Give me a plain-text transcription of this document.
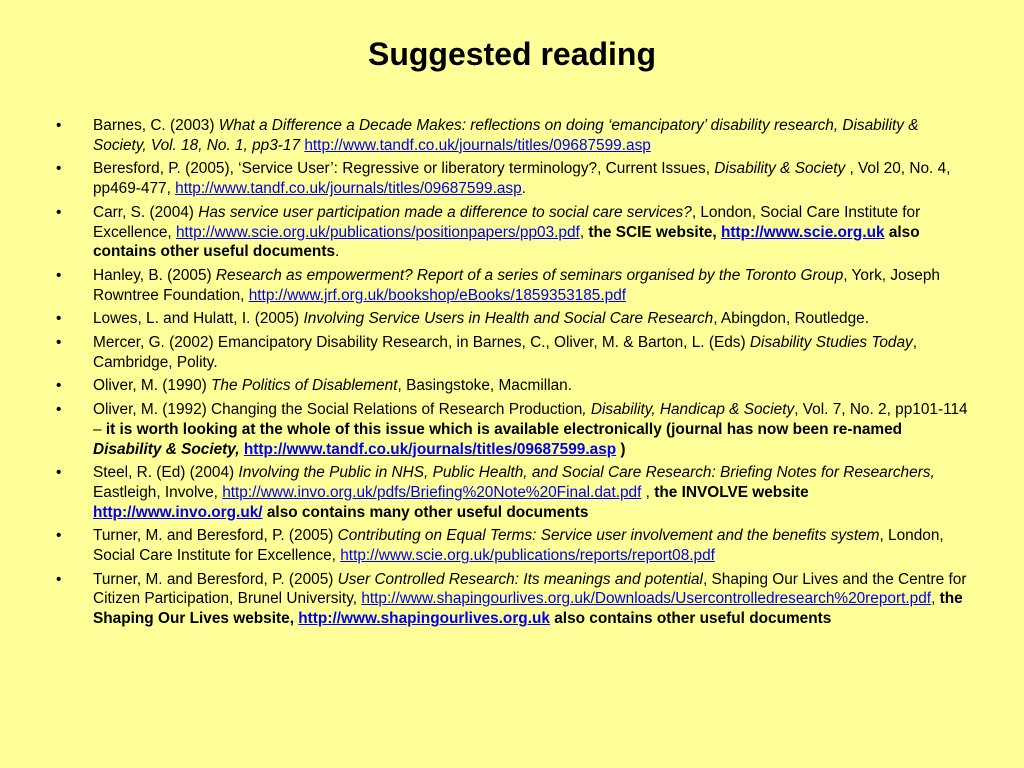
Suggested reading
• Barnes, C. (2003) What a Difference a Decade Makes: reflections on doing ‘emancipatory’ disability research, Disability & Society, Vol. 18, No. 1, pp3-17 http://www.tandf.co.uk/journals/titles/09687599.asp
• Beresford, P. (2005), ‘Service User’: Regressive or liberatory terminology?, Current Issues, Disability & Society , Vol 20, No. 4, pp469-477, http://www.tandf.co.uk/journals/titles/09687599.asp.
• Carr, S. (2004) Has service user participation made a difference to social care services?, London, Social Care Institute for Excellence, http://www.scie.org.uk/publications/positionpapers/pp03.pdf, the SCIE website, http://www.scie.org.uk also contains other useful documents.
• Hanley, B. (2005) Research as empowerment? Report of a series of seminars organised by the Toronto Group, York, Joseph Rowntree Foundation, http://www.jrf.org.uk/bookshop/eBooks/1859353185.pdf
• Lowes, L. and Hulatt, I. (2005) Involving Service Users in Health and Social Care Research, Abingdon, Routledge.
• Mercer, G. (2002) Emancipatory Disability Research, in Barnes, C., Oliver, M. & Barton, L. (Eds) Disability Studies Today, Cambridge, Polity.
• Oliver, M. (1990) The Politics of Disablement, Basingstoke, Macmillan.
• Oliver, M. (1992) Changing the Social Relations of Research Production, Disability, Handicap & Society, Vol. 7, No. 2, pp101-114 – it is worth looking at the whole of this issue which is available electronically (journal has now been re-named Disability & Society, http://www.tandf.co.uk/journals/titles/09687599.asp )
• Steel, R. (Ed) (2004) Involving the Public in NHS, Public Health, and Social Care Research: Briefing Notes for Researchers, Eastleigh, Involve, http://www.invo.org.uk/pdfs/Briefing%20Note%20Final.dat.pdf , the INVOLVE website http://www.invo.org.uk/ also contains many other useful documents
• Turner, M. and Beresford, P. (2005) Contributing on Equal Terms: Service user involvement and the benefits system, London, Social Care Institute for Excellence, http://www.scie.org.uk/publications/reports/report08.pdf
• Turner, M. and Beresford, P. (2005) User Controlled Research: Its meanings and potential, Shaping Our Lives and the Centre for Citizen Participation, Brunel University, http://www.shapingourlives.org.uk/Downloads/Usercontrolledresearch%20report.pdf, the Shaping Our Lives website, http://www.shapingourlives.org.uk also contains other useful documents
